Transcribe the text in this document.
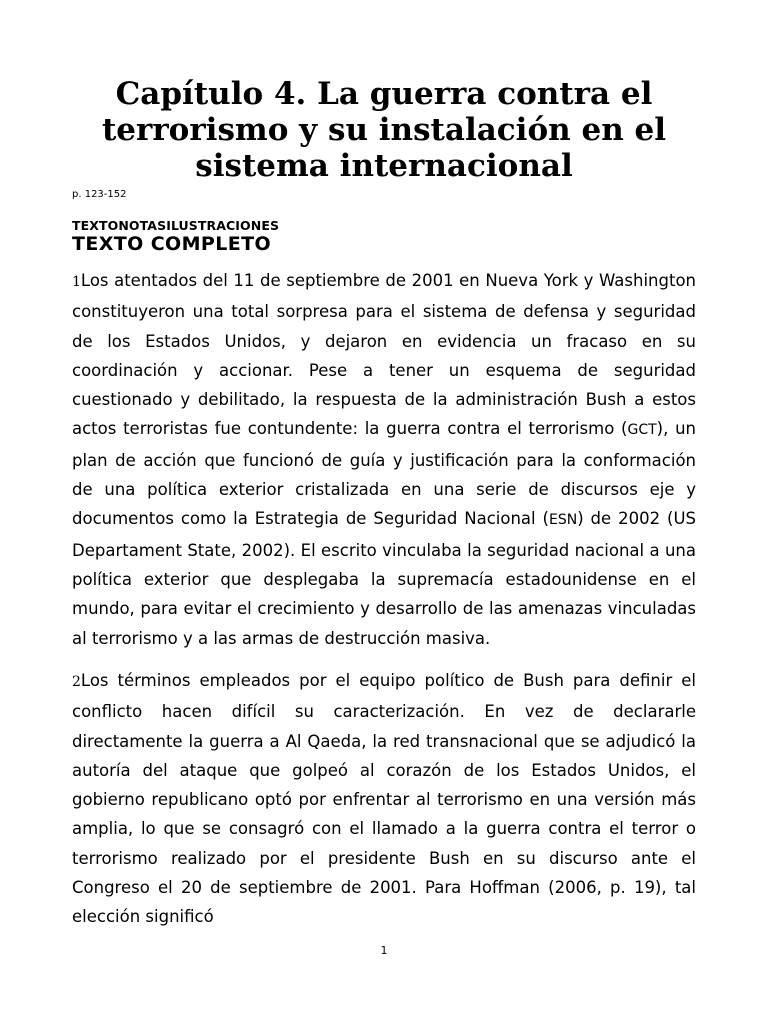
Capítulo 4. La guerra contra el terrorismo y su instalación en el sistema internacional
p. 123-152
TEXTONOTASILUSTRACIONES
TEXTO COMPLETO

1Los atentados del 11 de septiembre de 2001 en Nueva York y Washington constituyeron una total sorpresa para el sistema de defensa y seguridad de los Estados Unidos, y dejaron en evidencia un fracaso en su coordinación y accionar. Pese a tener un esquema de seguridad cuestionado y debilitado, la respuesta de la administración Bush a estos actos terroristas fue contundente: la guerra contra el terrorismo (GCT), un plan de acción que funcionó de guía y justificación para la conformación de una política exterior cristalizada en una serie de discursos eje y documentos como la Estrategia de Seguridad Nacional (ESN) de 2002 (US Departament State, 2002). El escrito vinculaba la seguridad nacional a una política exterior que desplegaba la supremacía estadounidense en el mundo, para evitar el crecimiento y desarrollo de las amenazas vinculadas al terrorismo y a las armas de destrucción masiva.

2Los términos empleados por el equipo político de Bush para definir el conflicto hacen difícil su caracterización. En vez de declararle directamente la guerra a Al Qaeda, la red transnacional que se adjudicó la autoría del ataque que golpeó al corazón de los Estados Unidos, el gobierno republicano optó por enfrentar al terrorismo en una versión más amplia, lo que se consagró con el llamado a la guerra contra el terror o terrorismo realizado por el presidente Bush en su discurso ante el Congreso el 20 de septiembre de 2001. Para Hoffman (2006, p. 19), tal elección significó

1
